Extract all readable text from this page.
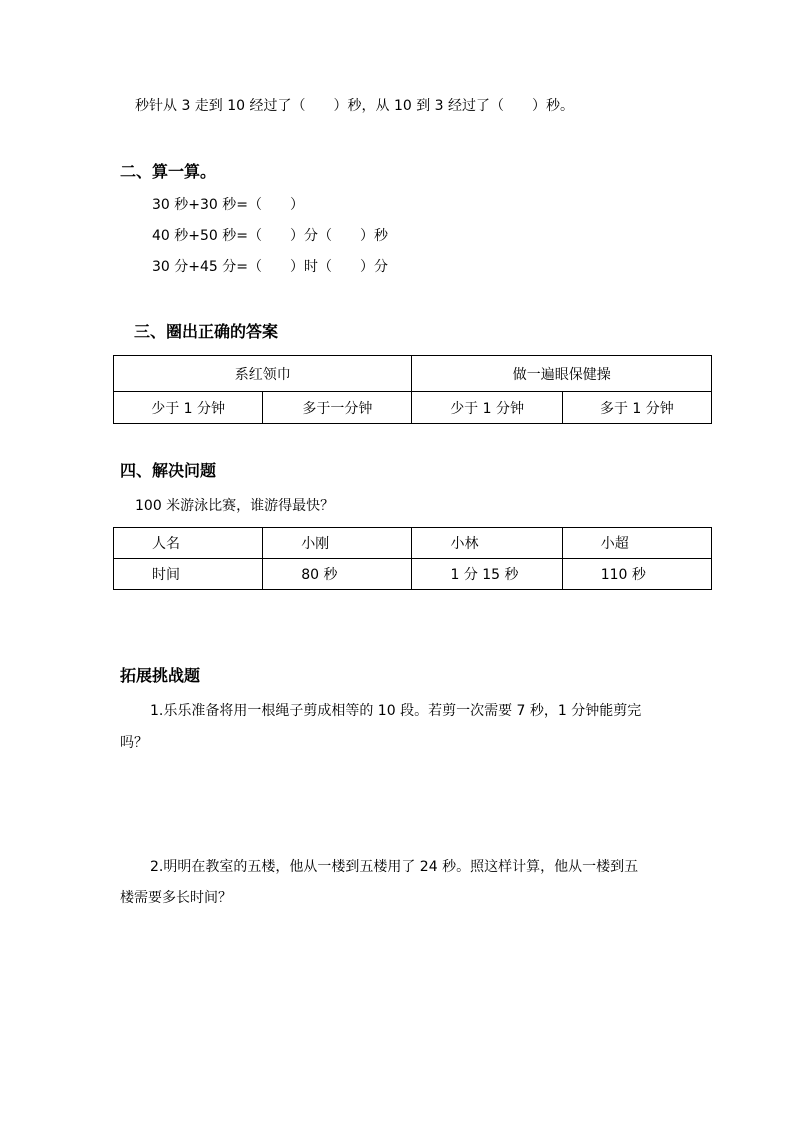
秒针从 3 走到 10 经过了（　　）秒，从 10 到 3 经过了（　　）秒。
二、算一算。
30 秒+30 秒=（　　）
40 秒+50 秒=（　　）分（　　）秒
30 分+45 分=（　　）时（　　）分
三、圈出正确的答案
系红领巾		做一遍眼保健操	
少于 1 分钟	多于一分钟	少于 1 分钟	多于 1 分钟
四、解决问题
100 米游泳比赛，谁游得最快？
人名	小刚	小林	小超
时间	80 秒	1 分 15 秒	110 秒
拓展挑战题
1.乐乐准备将用一根绳子剪成相等的 10 段。若剪一次需要 7 秒，1 分钟能剪完
吗？
2.明明在教室的五楼，他从一楼到五楼用了 24 秒。照这样计算，他从一楼到五
楼需要多长时间？
